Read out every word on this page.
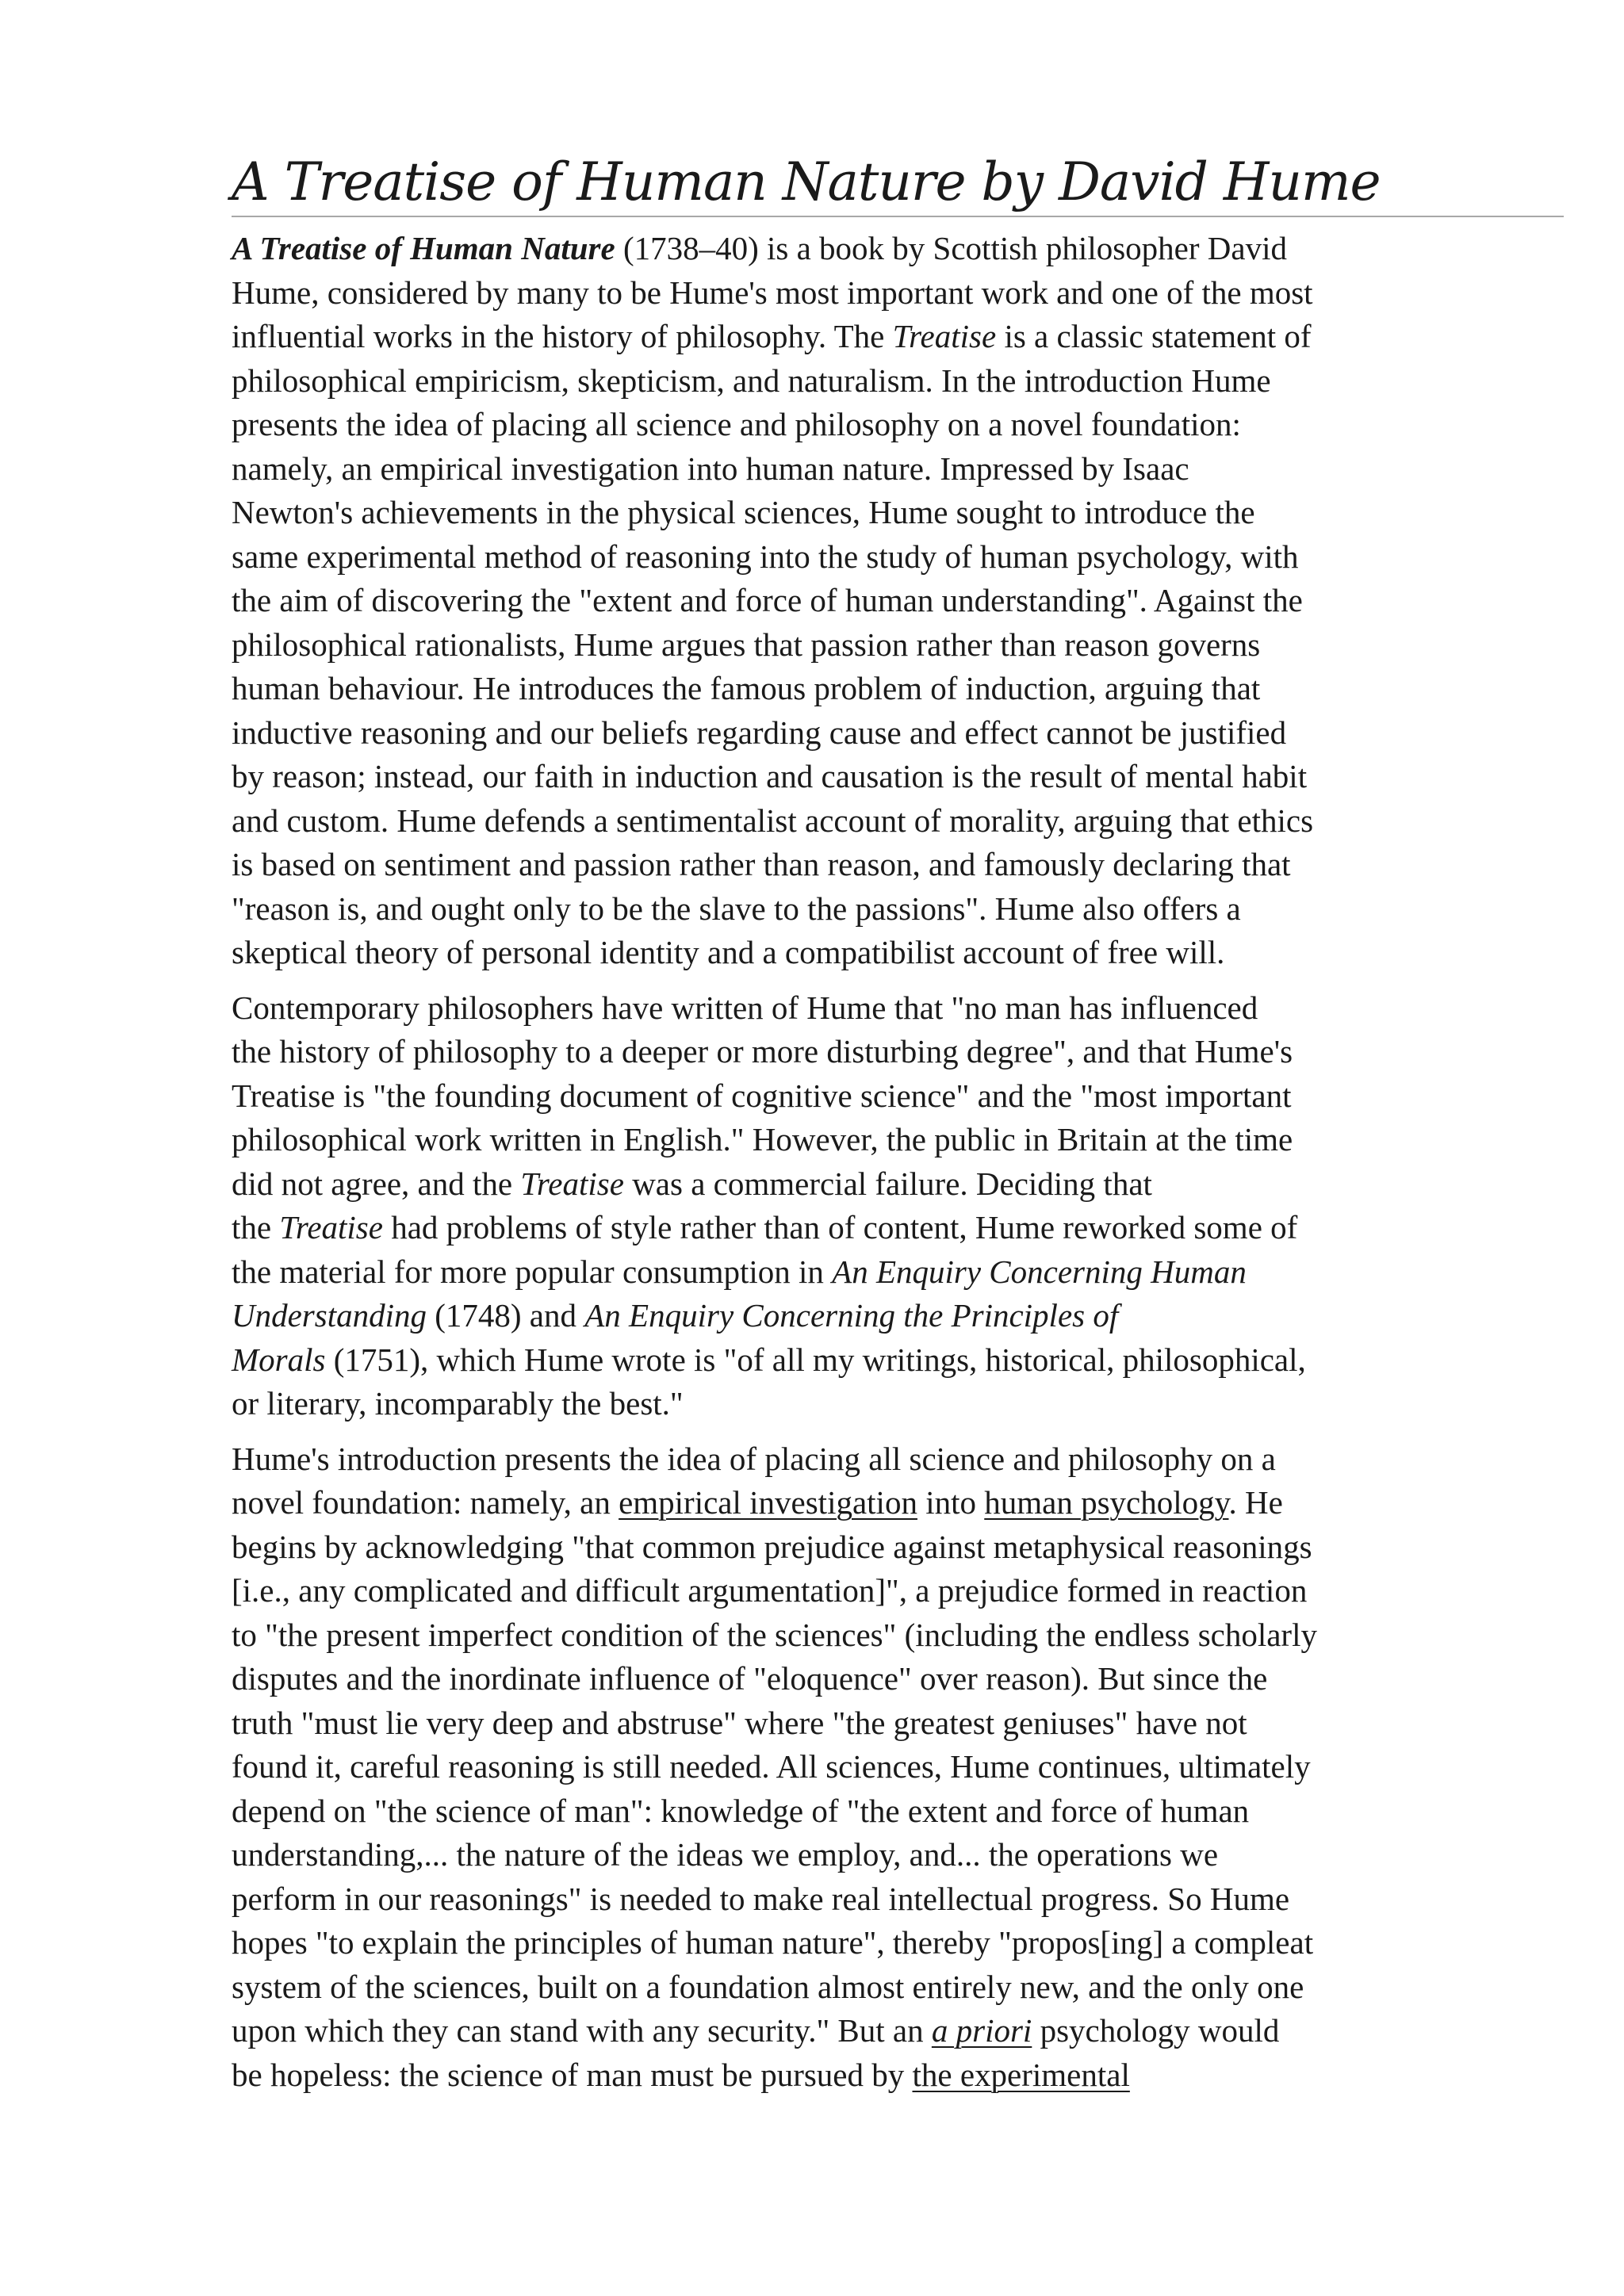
A Treatise of Human Nature by David Hume

A Treatise of Human Nature (1738–40) is a book by Scottish philosopher David
Hume, considered by many to be Hume's most important work and one of the most
influential works in the history of philosophy. The Treatise is a classic statement of
philosophical empiricism, skepticism, and naturalism. In the introduction Hume
presents the idea of placing all science and philosophy on a novel foundation:
namely, an empirical investigation into human nature. Impressed by Isaac
Newton's achievements in the physical sciences, Hume sought to introduce the
same experimental method of reasoning into the study of human psychology, with
the aim of discovering the "extent and force of human understanding". Against the
philosophical rationalists, Hume argues that passion rather than reason governs
human behaviour. He introduces the famous problem of induction, arguing that
inductive reasoning and our beliefs regarding cause and effect cannot be justified
by reason; instead, our faith in induction and causation is the result of mental habit
and custom. Hume defends a sentimentalist account of morality, arguing that ethics
is based on sentiment and passion rather than reason, and famously declaring that
"reason is, and ought only to be the slave to the passions". Hume also offers a
skeptical theory of personal identity and a compatibilist account of free will.

Contemporary philosophers have written of Hume that "no man has influenced
the history of philosophy to a deeper or more disturbing degree", and that Hume's
Treatise is "the founding document of cognitive science" and the "most important
philosophical work written in English." However, the public in Britain at the time
did not agree, and the Treatise was a commercial failure. Deciding that
the Treatise had problems of style rather than of content, Hume reworked some of
the material for more popular consumption in An Enquiry Concerning Human
Understanding (1748) and An Enquiry Concerning the Principles of
Morals (1751), which Hume wrote is "of all my writings, historical, philosophical,
or literary, incomparably the best."

Hume's introduction presents the idea of placing all science and philosophy on a
novel foundation: namely, an empirical investigation into human psychology. He
begins by acknowledging "that common prejudice against metaphysical reasonings
[i.e., any complicated and difficult argumentation]", a prejudice formed in reaction
to "the present imperfect condition of the sciences" (including the endless scholarly
disputes and the inordinate influence of "eloquence" over reason). But since the
truth "must lie very deep and abstruse" where "the greatest geniuses" have not
found it, careful reasoning is still needed. All sciences, Hume continues, ultimately
depend on "the science of man": knowledge of "the extent and force of human
understanding,... the nature of the ideas we employ, and... the operations we
perform in our reasonings" is needed to make real intellectual progress. So Hume
hopes "to explain the principles of human nature", thereby "propos[ing] a compleat
system of the sciences, built on a foundation almost entirely new, and the only one
upon which they can stand with any security." But an a priori psychology would
be hopeless: the science of man must be pursued by the experimental
